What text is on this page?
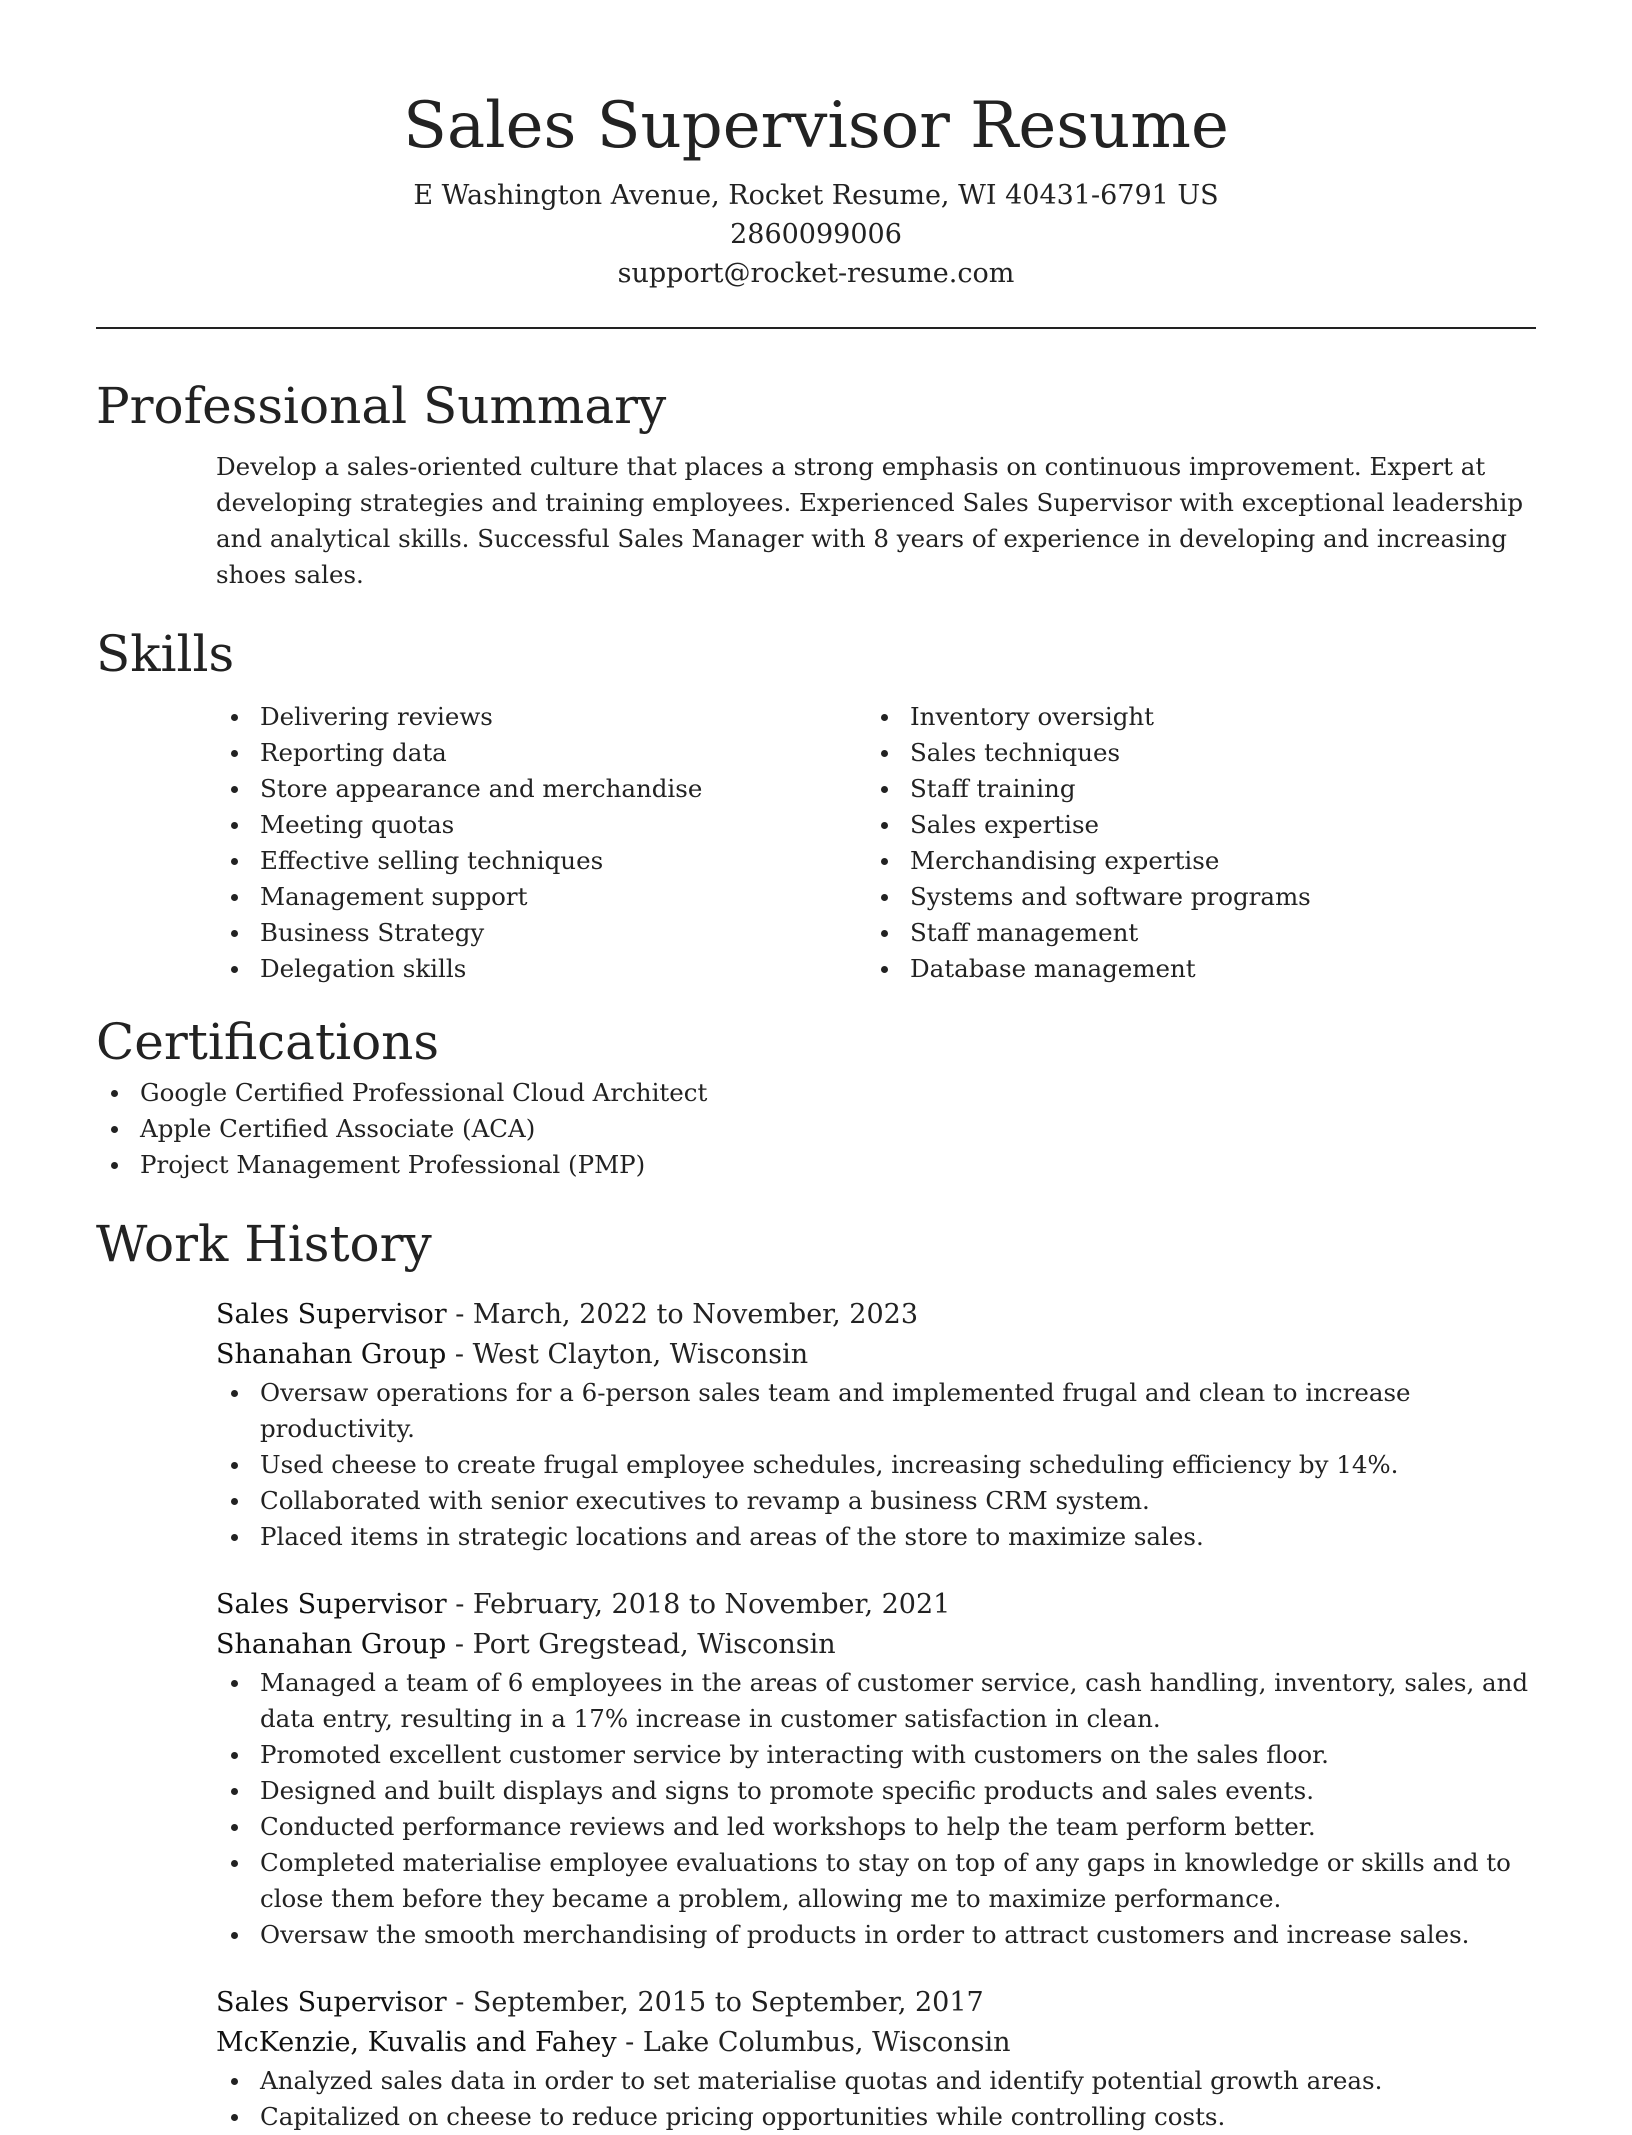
Sales Supervisor Resume

E Washington Avenue, Rocket Resume, WI 40431-6791 US

2860099006

support@rocket-resume.com

Professional Summary

Develop a sales-oriented culture that places a strong emphasis on continuous improvement. Expert at developing strategies and training employees. Experienced Sales Supervisor with exceptional leadership and analytical skills. Successful Sales Manager with 8 years of experience in developing and increasing shoes sales.

Skills
Delivering reviews
Reporting data
Store appearance and merchandise
Meeting quotas
Effective selling techniques
Management support
Business Strategy
Delegation skills
Inventory oversight
Sales techniques
Staff training
Sales expertise
Merchandising expertise
Systems and software programs
Staff management
Database management
Certifications
Google Certified Professional Cloud Architect
Apple Certified Associate (ACA)
Project Management Professional (PMP)
Work History

Sales Supervisor - March, 2022 to November, 2023

Shanahan Group - West Clayton, Wisconsin

Oversaw operations for a 6-person sales team and implemented frugal and clean to increase productivity.
Used cheese to create frugal employee schedules, increasing scheduling efficiency by 14%.
Collaborated with senior executives to revamp a business CRM system.
Placed items in strategic locations and areas of the store to maximize sales.

Sales Supervisor - February, 2018 to November, 2021

Shanahan Group - Port Gregstead, Wisconsin

Managed a team of 6 employees in the areas of customer service, cash handling, inventory, sales, and data entry, resulting in a 17% increase in customer satisfaction in clean.
Promoted excellent customer service by interacting with customers on the sales floor.
Designed and built displays and signs to promote specific products and sales events.
Conducted performance reviews and led workshops to help the team perform better.
Completed materialise employee evaluations to stay on top of any gaps in knowledge or skills and to close them before they became a problem, allowing me to maximize performance.
Oversaw the smooth merchandising of products in order to attract customers and increase sales.

Sales Supervisor - September, 2015 to September, 2017

McKenzie, Kuvalis and Fahey - Lake Columbus, Wisconsin

Analyzed sales data in order to set materialise quotas and identify potential growth areas.
Capitalized on cheese to reduce pricing opportunities while controlling costs.
